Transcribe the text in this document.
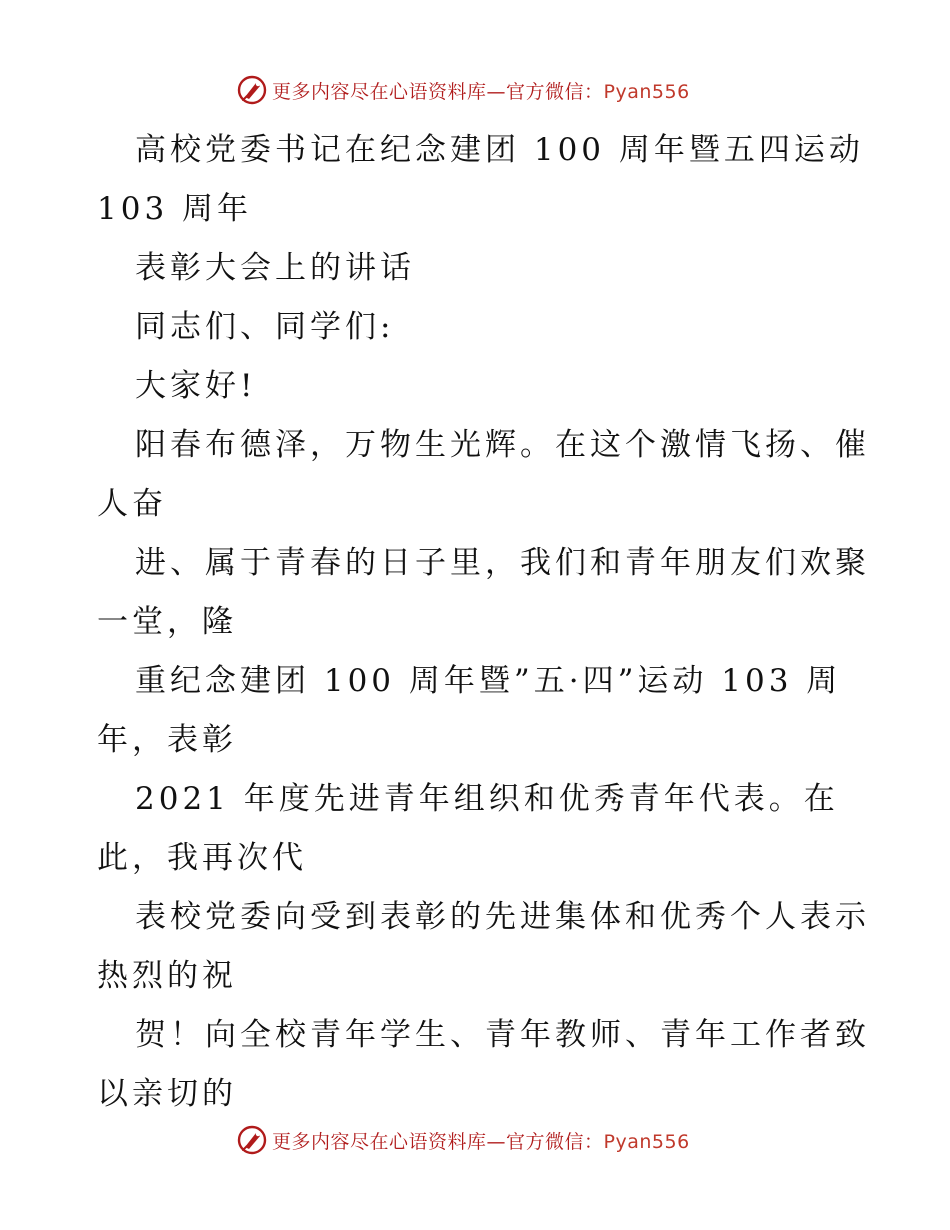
更多内容尽在心语资料库—官方微信：Pyan556
高校党委书记在纪念建团 100 周年暨五四运动
103 周年
表彰大会上的讲话
同志们、同学们:
大家好!
阳春布德泽，万物生光辉。在这个激情飞扬、催
人奋
进、属于青春的日子里，我们和青年朋友们欢聚
一堂，隆
重纪念建团 100 周年暨”五·四”运动 103 周
年，表彰
2021 年度先进青年组织和优秀青年代表。在
此，我再次代
表校党委向受到表彰的先进集体和优秀个人表示
热烈的祝
贺！向全校青年学生、青年教师、青年工作者致
以亲切的
更多内容尽在心语资料库—官方微信：Pyan556
